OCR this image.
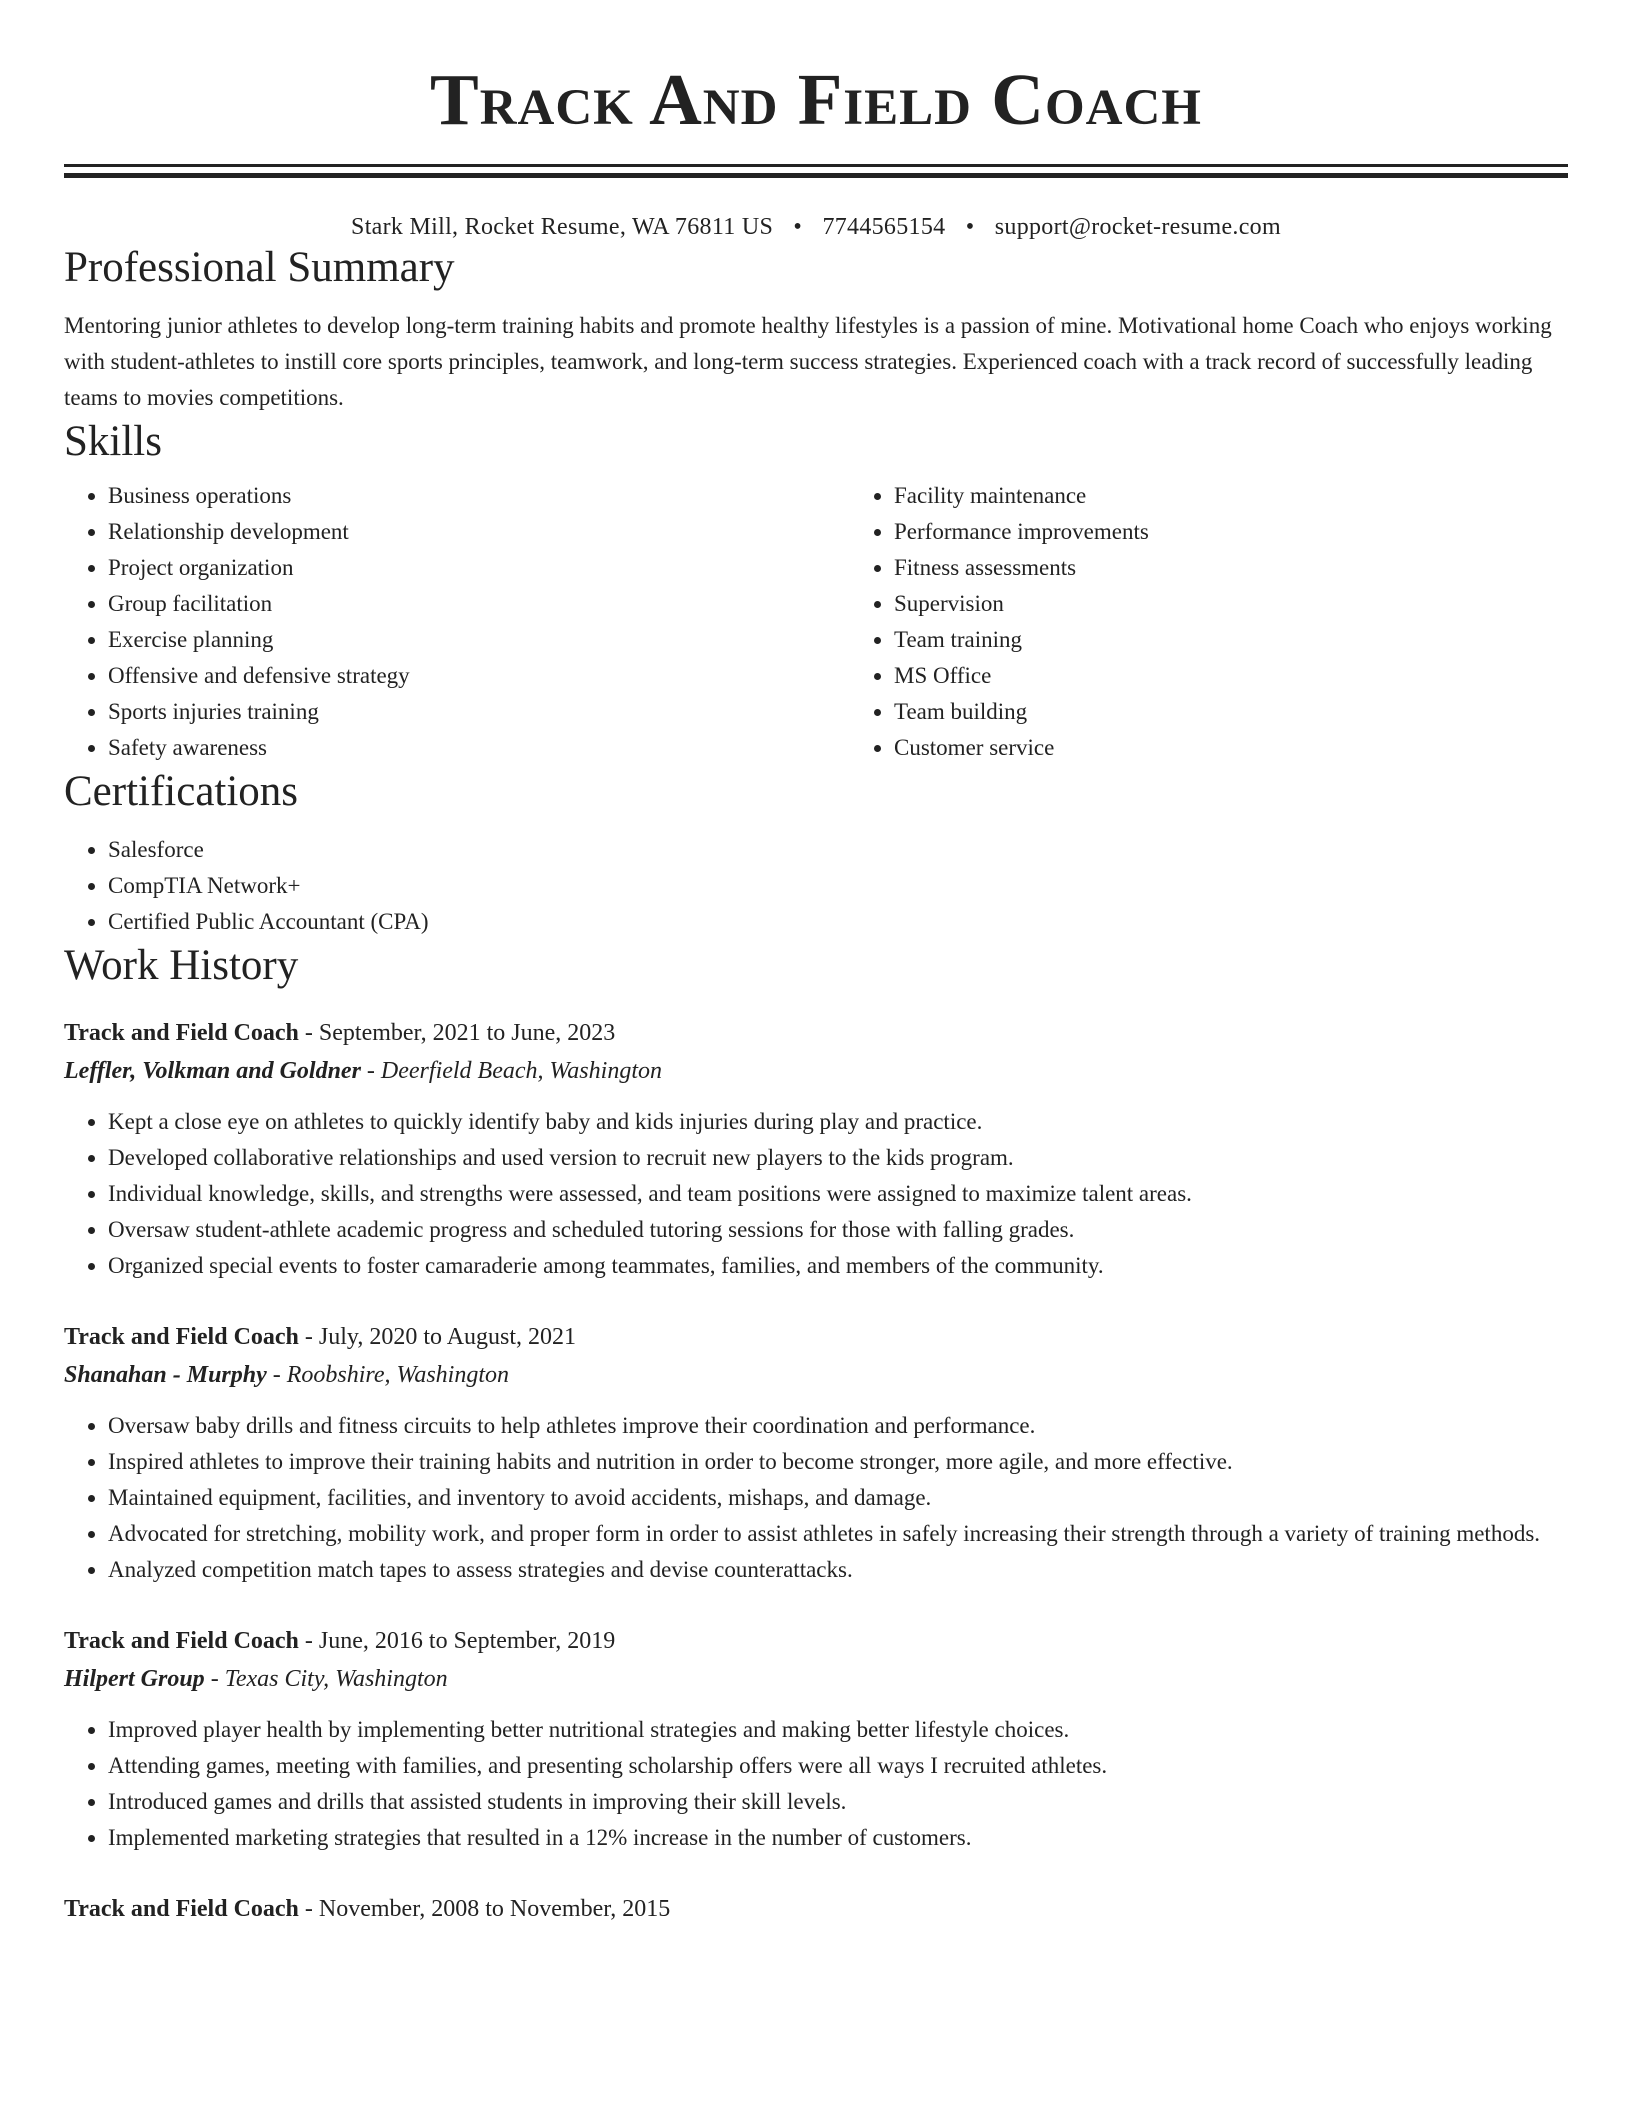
Track And Field Coach
Stark Mill, Rocket Resume, WA 76811 US • 7744565154 • support@rocket-resume.com
Professional Summary

Mentoring junior athletes to develop long-term training habits and promote healthy lifestyles is a passion of mine. Motivational home Coach who enjoys working with student-athletes to instill core sports principles, teamwork, and long-term success strategies. Experienced coach with a track record of successfully leading teams to movies competitions.

Skills
• Business operations
• Relationship development
• Project organization
• Group facilitation
• Exercise planning
• Offensive and defensive strategy
• Sports injuries training
• Safety awareness
• Facility maintenance
• Performance improvements
• Fitness assessments
• Supervision
• Team training
• MS Office
• Team building
• Customer service
Certifications
• Salesforce
• CompTIA Network+
• Certified Public Accountant (CPA)
Work History
Track and Field Coach - September, 2021 to June, 2023
Leffler, Volkman and Goldner - Deerfield Beach, Washington
• Kept a close eye on athletes to quickly identify baby and kids injuries during play and practice.
• Developed collaborative relationships and used version to recruit new players to the kids program.
• Individual knowledge, skills, and strengths were assessed, and team positions were assigned to maximize talent areas.
• Oversaw student-athlete academic progress and scheduled tutoring sessions for those with falling grades.
• Organized special events to foster camaraderie among teammates, families, and members of the community.
Track and Field Coach - July, 2020 to August, 2021
Shanahan - Murphy - Roobshire, Washington
• Oversaw baby drills and fitness circuits to help athletes improve their coordination and performance.
• Inspired athletes to improve their training habits and nutrition in order to become stronger, more agile, and more effective.
• Maintained equipment, facilities, and inventory to avoid accidents, mishaps, and damage.
• Advocated for stretching, mobility work, and proper form in order to assist athletes in safely increasing their strength through a variety of training methods.
• Analyzed competition match tapes to assess strategies and devise counterattacks.
Track and Field Coach - June, 2016 to September, 2019
Hilpert Group - Texas City, Washington
• Improved player health by implementing better nutritional strategies and making better lifestyle choices.
• Attending games, meeting with families, and presenting scholarship offers were all ways I recruited athletes.
• Introduced games and drills that assisted students in improving their skill levels.
• Implemented marketing strategies that resulted in a 12% increase in the number of customers.
Track and Field Coach - November, 2008 to November, 2015
